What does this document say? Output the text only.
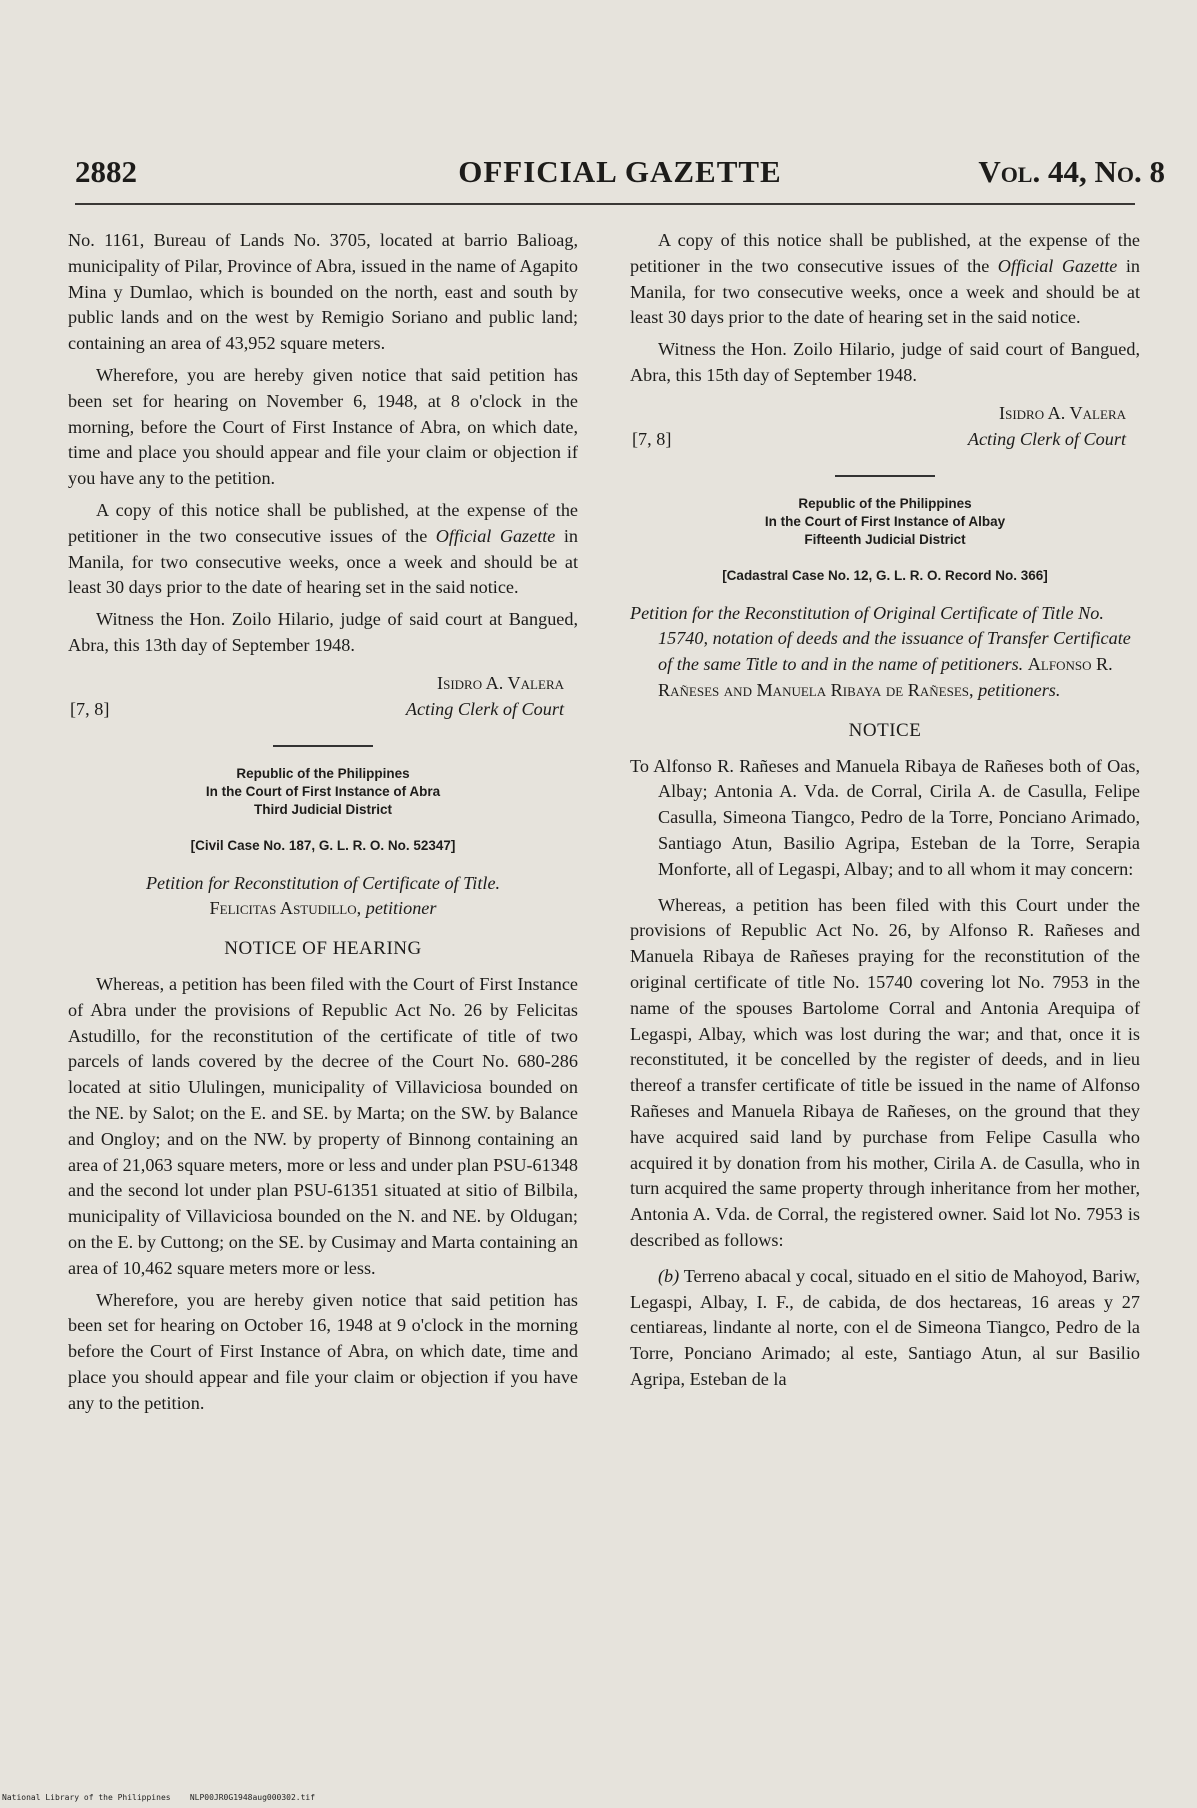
2882	OFFICIAL GAZETTE	Vol. 44, No. 8

No. 1161, Bureau of Lands No. 3705, located at barrio Balioag, municipality of Pilar, Province of Abra, issued in the name of Agapito Mina y Dumlao, which is bounded on the north, east and south by public lands and on the west by Remigio Soriano and public land; containing an area of 43,952 square meters.

Wherefore, you are hereby given notice that said petition has been set for hearing on November 6, 1948, at 8 o'clock in the morning, before the Court of First Instance of Abra, on which date, time and place you should appear and file your claim or objection if you have any to the petition.

A copy of this notice shall be published, at the expense of the petitioner in the two consecutive issues of the Official Gazette in Manila, for two consecutive weeks, once a week and should be at least 30 days prior to the date of hearing set in the said notice.

Witness the Hon. Zoilo Hilario, judge of said court at Bangued, Abra, this 13th day of September 1948.

Isidro A. Valera
[7, 8]	Acting Clerk of Court
Republic of the Philippines
In the Court of First Instance of Abra
Third Judicial District
[Civil Case No. 187, G. L. R. O. No. 52347]

Petition for Reconstitution of Certificate of Title.
Felicitas Astudillo, petitioner

NOTICE OF HEARING

Whereas, a petition has been filed with the Court of First Instance of Abra under the provisions of Republic Act No. 26 by Felicitas Astudillo, for the reconstitution of the certificate of title of two parcels of lands covered by the decree of the Court No. 680-286 located at sitio Ululingen, municipality of Villaviciosa bounded on the NE. by Salot; on the E. and SE. by Marta; on the SW. by Balance and Ongloy; and on the NW. by property of Binnong containing an area of 21,063 square meters, more or less and under plan PSU-61348 and the second lot under plan PSU-61351 situated at sitio of Bilbila, municipality of Villaviciosa bounded on the N. and NE. by Oldugan; on the E. by Cuttong; on the SE. by Cusimay and Marta containing an area of 10,462 square meters more or less.

Wherefore, you are hereby given notice that said petition has been set for hearing on October 16, 1948 at 9 o'clock in the morning before the Court of First Instance of Abra, on which date, time and place you should appear and file your claim or objection if you have any to the petition.

A copy of this notice shall be published, at the expense of the petitioner in the two consecutive issues of the Official Gazette in Manila, for two consecutive weeks, once a week and should be at least 30 days prior to the date of hearing set in the said notice.

Witness the Hon. Zoilo Hilario, judge of said court of Bangued, Abra, this 15th day of September 1948.

Isidro A. Valera
[7, 8]	Acting Clerk of Court
Republic of the Philippines
In the Court of First Instance of Albay
Fifteenth Judicial District
[Cadastral Case No. 12, G. L. R. O. Record No. 366]

Petition for the Reconstitution of Original Certificate of Title No. 15740, notation of deeds and the issuance of Transfer Certificate of the same Title to and in the name of petitioners. Alfonso R. Rañeses and Manuela Ribaya de Rañeses, petitioners.

NOTICE

To Alfonso R. Rañeses and Manuela Ribaya de Rañeses both of Oas, Albay; Antonia A. Vda. de Corral, Cirila A. de Casulla, Felipe Casulla, Simeona Tiangco, Pedro de la Torre, Ponciano Arimado, Santiago Atun, Basilio Agripa, Esteban de la Torre, Serapia Monforte, all of Legaspi, Albay; and to all whom it may concern:

Whereas, a petition has been filed with this Court under the provisions of Republic Act No. 26, by Alfonso R. Rañeses and Manuela Ribaya de Rañeses praying for the reconstitution of the original certificate of title No. 15740 covering lot No. 7953 in the name of the spouses Bartolome Corral and Antonia Arequipa of Legaspi, Albay, which was lost during the war; and that, once it is reconstituted, it be concelled by the register of deeds, and in lieu thereof a transfer certificate of title be issued in the name of Alfonso Rañeses and Manuela Ribaya de Rañeses, on the ground that they have acquired said land by purchase from Felipe Casulla who acquired it by donation from his mother, Cirila A. de Casulla, who in turn acquired the same property through inheritance from her mother, Antonia A. Vda. de Corral, the registered owner. Said lot No. 7953 is described as follows:

(b) Terreno abacal y cocal, situado en el sitio de Mahoyod, Bariw, Legaspi, Albay, I. F., de cabida, de dos hectareas, 16 areas y 27 centiareas, lindante al norte, con el de Simeona Tiangco, Pedro de la Torre, Ponciano Arimado; al este, Santiago Atun, al sur Basilio Agripa, Esteban de la

National Library of the Philippines    NLP00JR0G1948aug000302.tif
